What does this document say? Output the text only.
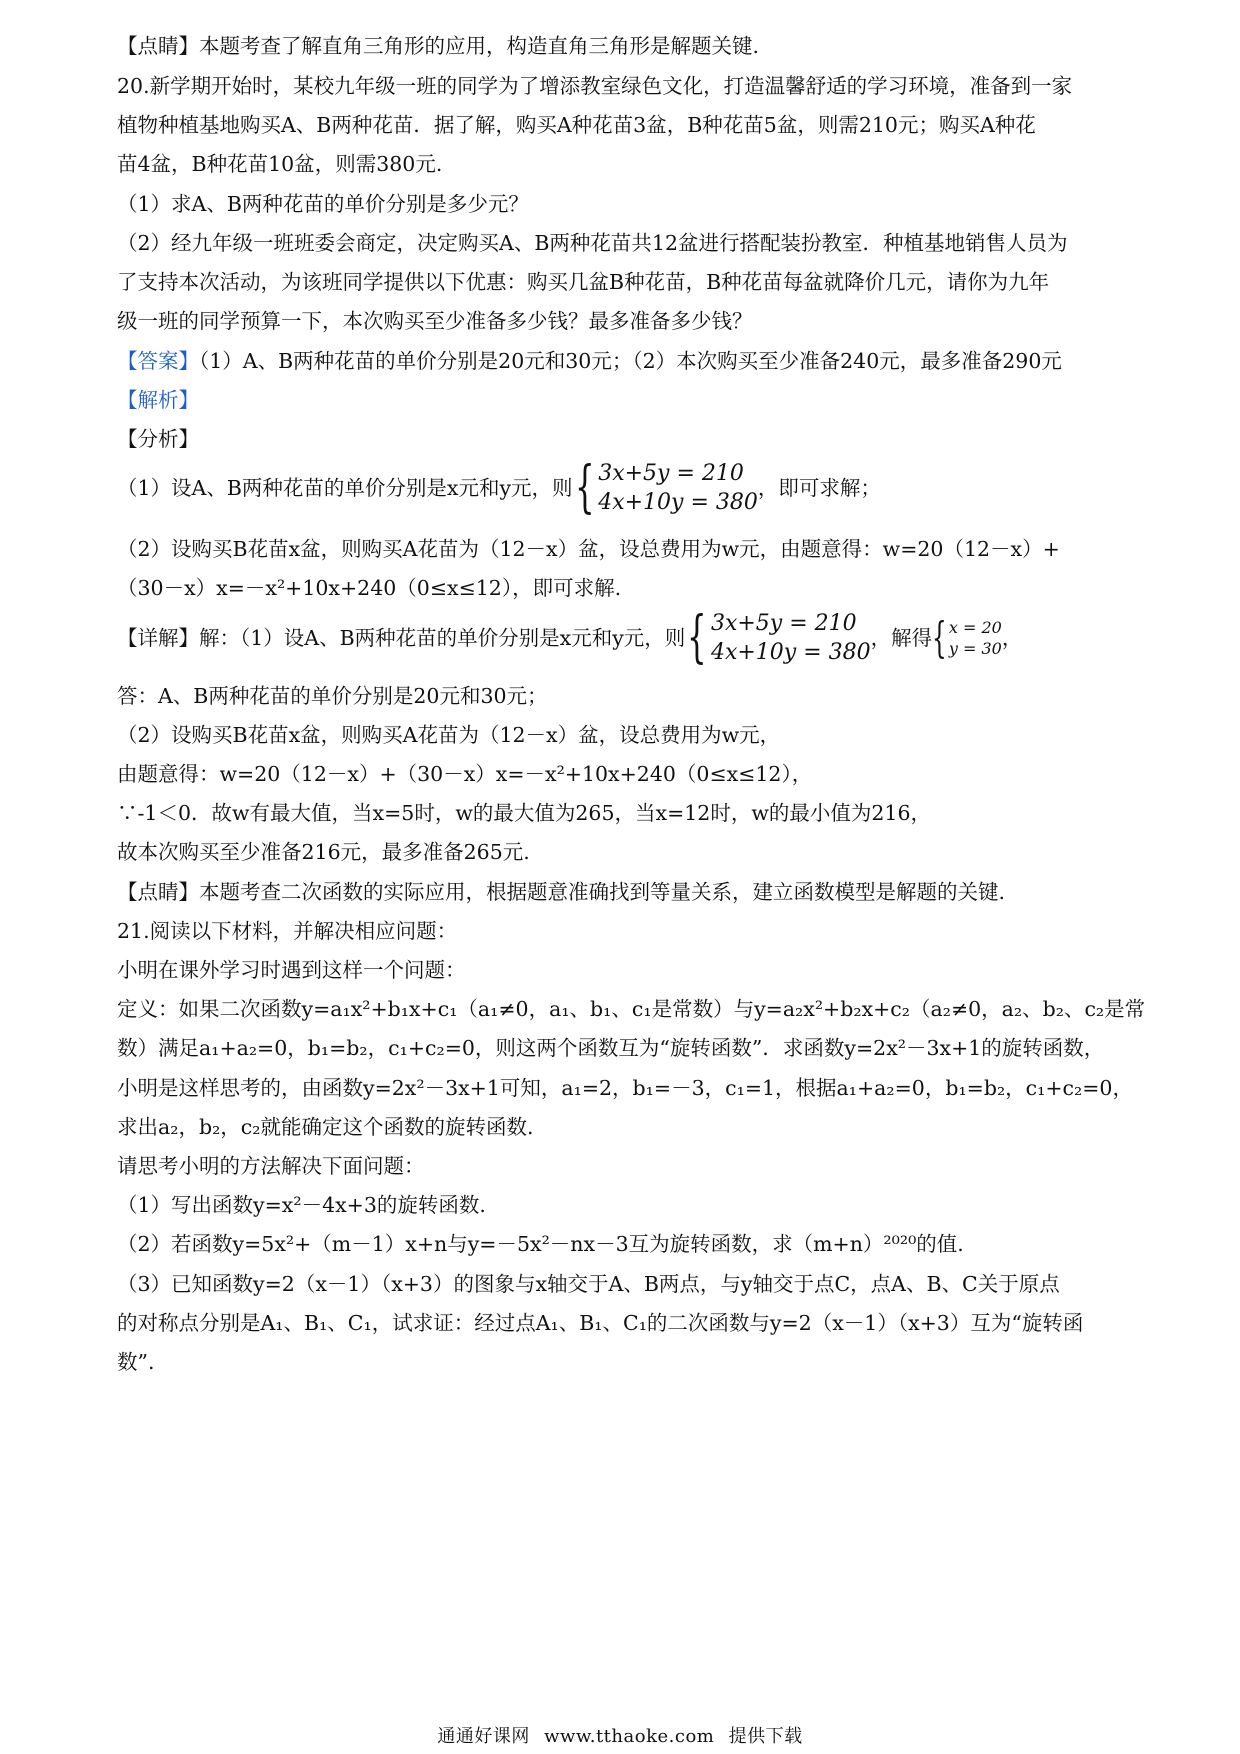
【点睛】本题考查了解直角三角形的应用，构造直角三角形是解题关键.
20.新学期开始时，某校九年级一班的同学为了增添教室绿色文化，打造温馨舒适的学习环境，准备到一家
植物种植基地购买A、B两种花苗．据了解，购买A种花苗3盆，B种花苗5盆，则需210元；购买A种花
苗4盆，B种花苗10盆，则需380元.
（1）求A、B两种花苗的单价分别是多少元？
（2）经九年级一班班委会商定，决定购买A、B两种花苗共12盆进行搭配装扮教室．种植基地销售人员为
了支持本次活动，为该班同学提供以下优惠：购买几盆B种花苗，B种花苗每盆就降价几元，请你为九年
级一班的同学预算一下，本次购买至少准备多少钱？最多准备多少钱？
【答案】（1）A、B两种花苗的单价分别是20元和30元；（2）本次购买至少准备240元，最多准备290元
【解析】
【分析】
（1）设A、B两种花苗的单价分别是x元和y元，则 { 3x+5y = 210
4x+10y = 380
，即可求解；
（2）设购买B花苗x盆，则购买A花苗为（12－x）盆，设总费用为w元，由题意得：w=20（12－x）+
（30－x）x=－x²+10x+240（0≤x≤12），即可求解.
【详解】解：（1）设A、B两种花苗的单价分别是x元和y元，则 { 3x+5y = 210
4x+10y = 380
，解得 { x = 20
y = 30 ，
答：A、B两种花苗的单价分别是20元和30元；
（2）设购买B花苗x盆，则购买A花苗为（12－x）盆，设总费用为w元，
由题意得：w=20（12－x）+（30－x）x=－x²+10x+240（0≤x≤12），
∵-1＜0．故w有最大值，当x=5时，w的最大值为265，当x=12时，w的最小值为216，
故本次购买至少准备216元，最多准备265元.
【点睛】本题考查二次函数的实际应用，根据题意准确找到等量关系，建立函数模型是解题的关键.
21.阅读以下材料，并解决相应问题：
小明在课外学习时遇到这样一个问题：
定义：如果二次函数y=a₁x²+b₁x+c₁（a₁≠0，a₁、b₁、c₁是常数）与y=a₂x²+b₂x+c₂（a₂≠0，a₂、b₂、c₂是常
数）满足a₁+a₂=0，b₁=b₂，c₁+c₂=0，则这两个函数互为“旋转函数”．求函数y=2x²－3x+1的旋转函数，
小明是这样思考的，由函数y=2x²－3x+1可知，a₁=2，b₁=－3，c₁=1，根据a₁+a₂=0，b₁=b₂，c₁+c₂=0，
求出a₂，b₂，c₂就能确定这个函数的旋转函数.
请思考小明的方法解决下面问题：
（1）写出函数y=x²－4x+3的旋转函数.
（2）若函数y=5x²+（m－1）x+n与y=－5x²－nx－3互为旋转函数，求（m+n）²⁰²⁰的值.
（3）已知函数y=2（x－1）（x+3）的图象与x轴交于A、B两点，与y轴交于点C，点A、B、C关于原点
的对称点分别是A₁、B₁、C₁，试求证：经过点A₁、B₁、C₁的二次函数与y=2（x－1）（x+3）互为“旋转函
数”.
通通好课网 www.tthaoke.com 提供下载
